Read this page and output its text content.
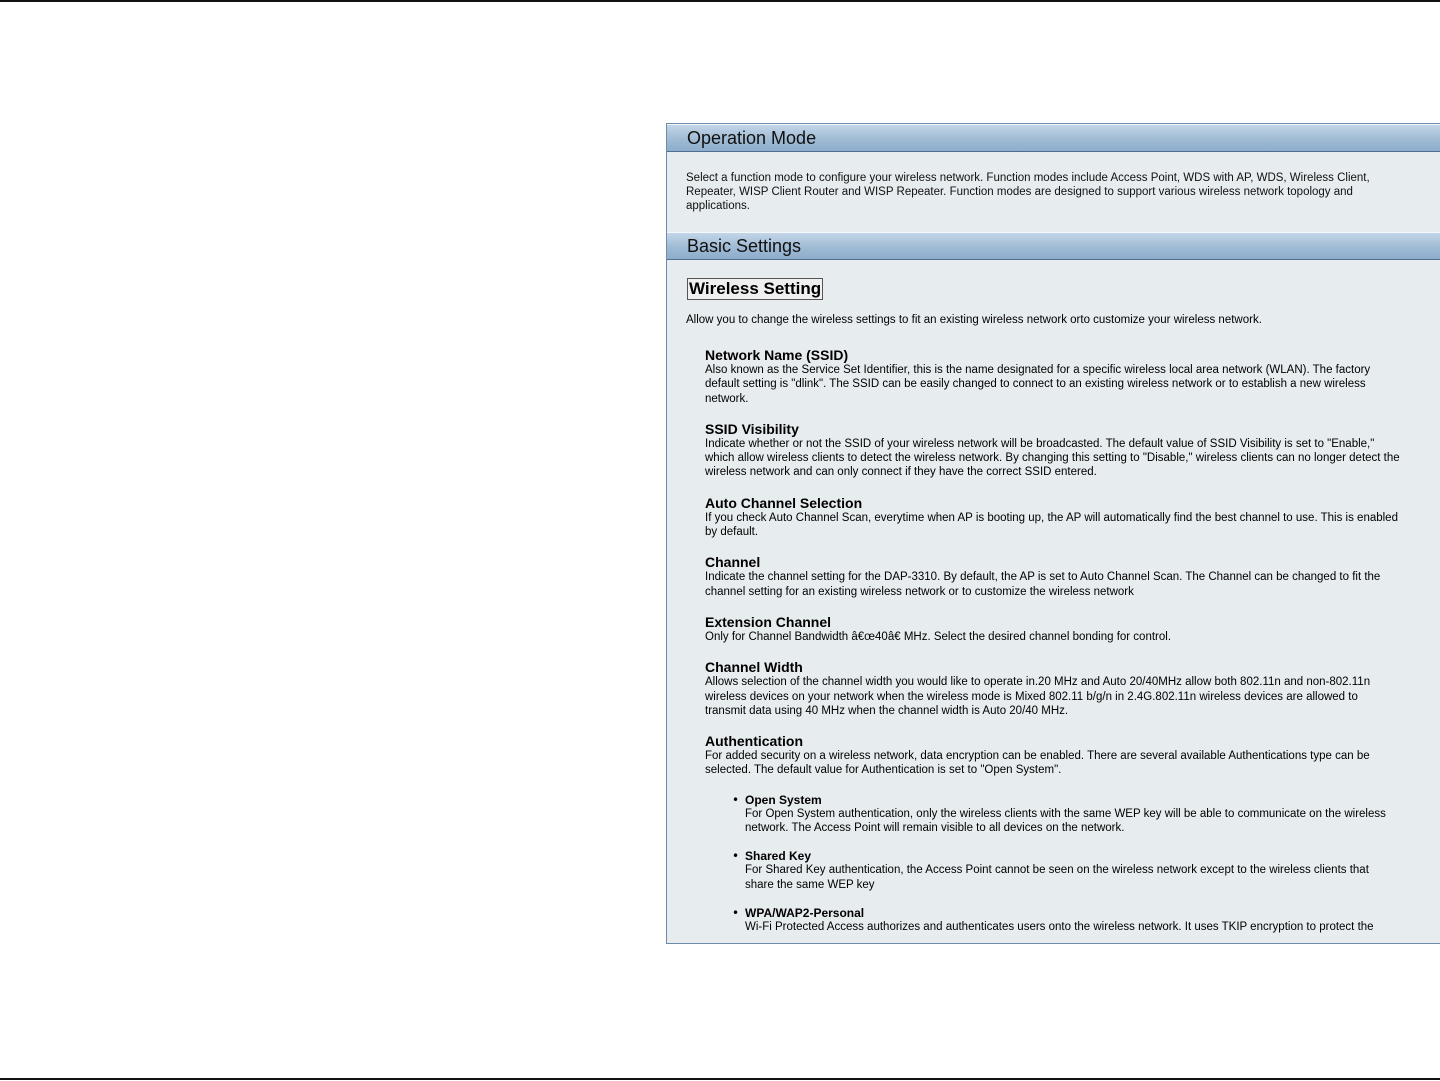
Operation Mode

Select a function mode to configure your wireless network. Function modes include Access Point, WDS with AP, WDS, Wireless Client, Repeater, WISP Client Router and WISP Repeater. Function modes are designed to support various wireless network topology and applications.

Basic Settings
Wireless Setting
Allow you to change the wireless settings to fit an existing wireless network orto customize your wireless network.
Network Name (SSID)
Also known as the Service Set Identifier, this is the name designated for a specific wireless local area network (WLAN). The factory default setting is "dlink". The SSID can be easily changed to connect to an existing wireless network or to establish a new wireless network.
SSID Visibility
Indicate whether or not the SSID of your wireless network will be broadcasted. The default value of SSID Visibility is set to "Enable," which allow wireless clients to detect the wireless network. By changing this setting to "Disable," wireless clients can no longer detect the wireless network and can only connect if they have the correct SSID entered.
Auto Channel Selection
If you check Auto Channel Scan, everytime when AP is booting up, the AP will automatically find the best channel to use. This is enabled by default.
Channel
Indicate the channel setting for the DAP-3310. By default, the AP is set to Auto Channel Scan. The Channel can be changed to fit the channel setting for an existing wireless network or to customize the wireless network
Extension Channel
Only for Channel Bandwidth â€œ40â€ MHz. Select the desired channel bonding for control.
Channel Width
Allows selection of the channel width you would like to operate in.20 MHz and Auto 20/40MHz allow both 802.11n and non-802.11n wireless devices on your network when the wireless mode is Mixed 802.11 b/g/n in 2.4G.802.11n wireless devices are allowed to transmit data using 40 MHz when the channel width is Auto 20/40 MHz.
Authentication
For added security on a wireless network, data encryption can be enabled. There are several available Authentications type can be selected. The default value for Authentication is set to "Open System".
• Open System
For Open System authentication, only the wireless clients with the same WEP key will be able to communicate on the wireless network. The Access Point will remain visible to all devices on the network.
• Shared Key
For Shared Key authentication, the Access Point cannot be seen on the wireless network except to the wireless clients that share the same WEP key
• WPA/WAP2-Personal
Wi-Fi Protected Access authorizes and authenticates users onto the wireless network. It uses TKIP encryption to protect the
